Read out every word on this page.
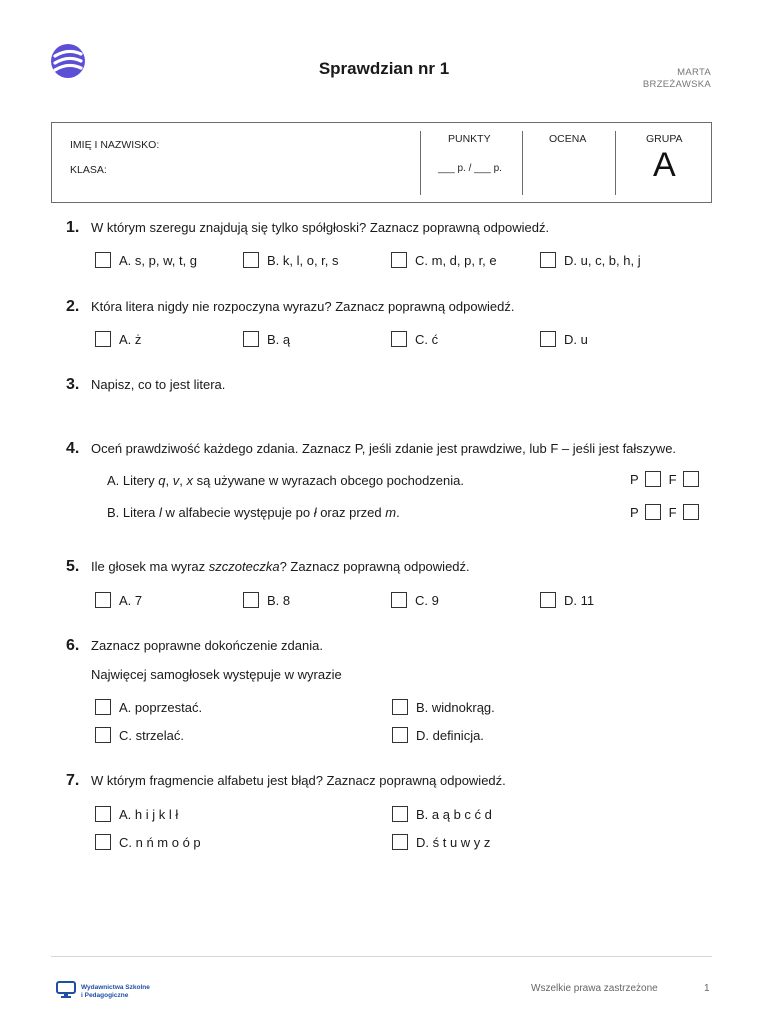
Sprawdzian nr 1	MARTA
BRZEŻAWSKA
IMIĘ I NAZWISKO:
KLASA:
PUNKTY
___ p. / ___ p.
OCENA	GRUPA
A
1. W którym szeregu znajdują się tylko spółgłoski? Zaznacz poprawną odpowiedź.
A. s, p, w, t, g	B. k, l, o, r, s	C. m, d, p, r, e	D. u, c, b, h, j
2. Która litera nigdy nie rozpoczyna wyrazu? Zaznacz poprawną odpowiedź.
A. ż	B. ą	C. ć	D. u
3. Napisz, co to jest litera.
4. Oceń prawdziwość każdego zdania. Zaznacz P, jeśli zdanie jest prawdziwe, lub F – jeśli jest fałszywe.
A. Litery q, v, x są używane w wyrazach obcego pochodzenia.	P F
B. Litera l w alfabecie występuje po ł oraz przed m.	P F
5. Ile głosek ma wyraz szczoteczka? Zaznacz poprawną odpowiedź.
A. 7	B. 8	C. 9	D. 11
6. Zaznacz poprawne dokończenie zdania.
Najwięcej samogłosek występuje w wyrazie
A. poprzestać.	B. widnokrąg.
C. strzelać.	D. definicja.
7. W którym fragmencie alfabetu jest błąd? Zaznacz poprawną odpowiedź.
A. h i j k l ł	B. a ą b c ć d
C. n ń m o ó p	D. ś t u w y z
Wydawnictwa Szkolne
i Pedagogiczne
Wszelkie prawa zastrzeżone	1
